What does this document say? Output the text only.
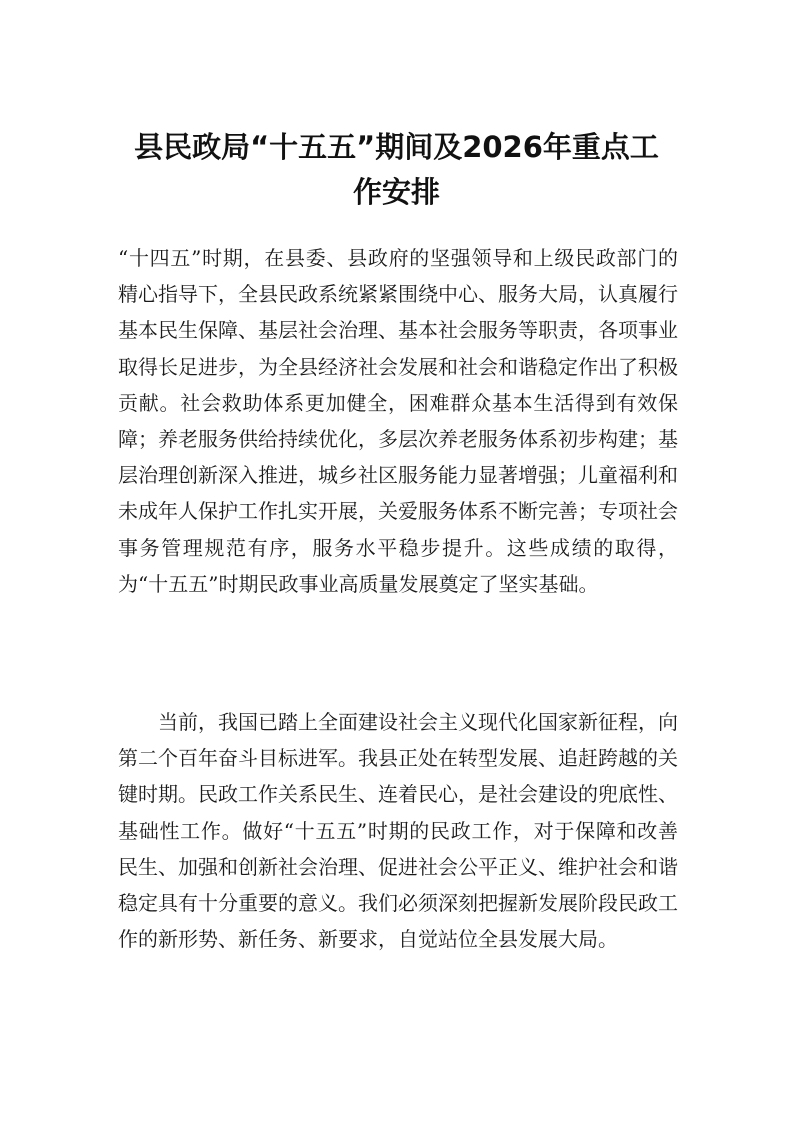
县民政局“十五五”期间及2026年重点工
作安排

“十四五”时期，在县委、县政府的坚强领导和上级民政部门的精心指导下，全县民政系统紧紧围绕中心、服务大局，认真履行基本民生保障、基层社会治理、基本社会服务等职责，各项事业取得长足进步，为全县经济社会发展和社会和谐稳定作出了积极贡献。社会救助体系更加健全，困难群众基本生活得到有效保障；养老服务供给持续优化，多层次养老服务体系初步构建；基层治理创新深入推进，城乡社区服务能力显著增强；儿童福利和未成年人保护工作扎实开展，关爱服务体系不断完善；专项社会事务管理规范有序，服务水平稳步提升。这些成绩的取得，为“十五五”时期民政事业高质量发展奠定了坚实基础。

当前，我国已踏上全面建设社会主义现代化国家新征程，向第二个百年奋斗目标进军。我县正处在转型发展、追赶跨越的关键时期。民政工作关系民生、连着民心，是社会建设的兜底性、基础性工作。做好“十五五”时期的民政工作，对于保障和改善民生、加强和创新社会治理、促进社会公平正义、维护社会和谐稳定具有十分重要的意义。我们必须深刻把握新发展阶段民政工作的新形势、新任务、新要求，自觉站位全县发展大局。
